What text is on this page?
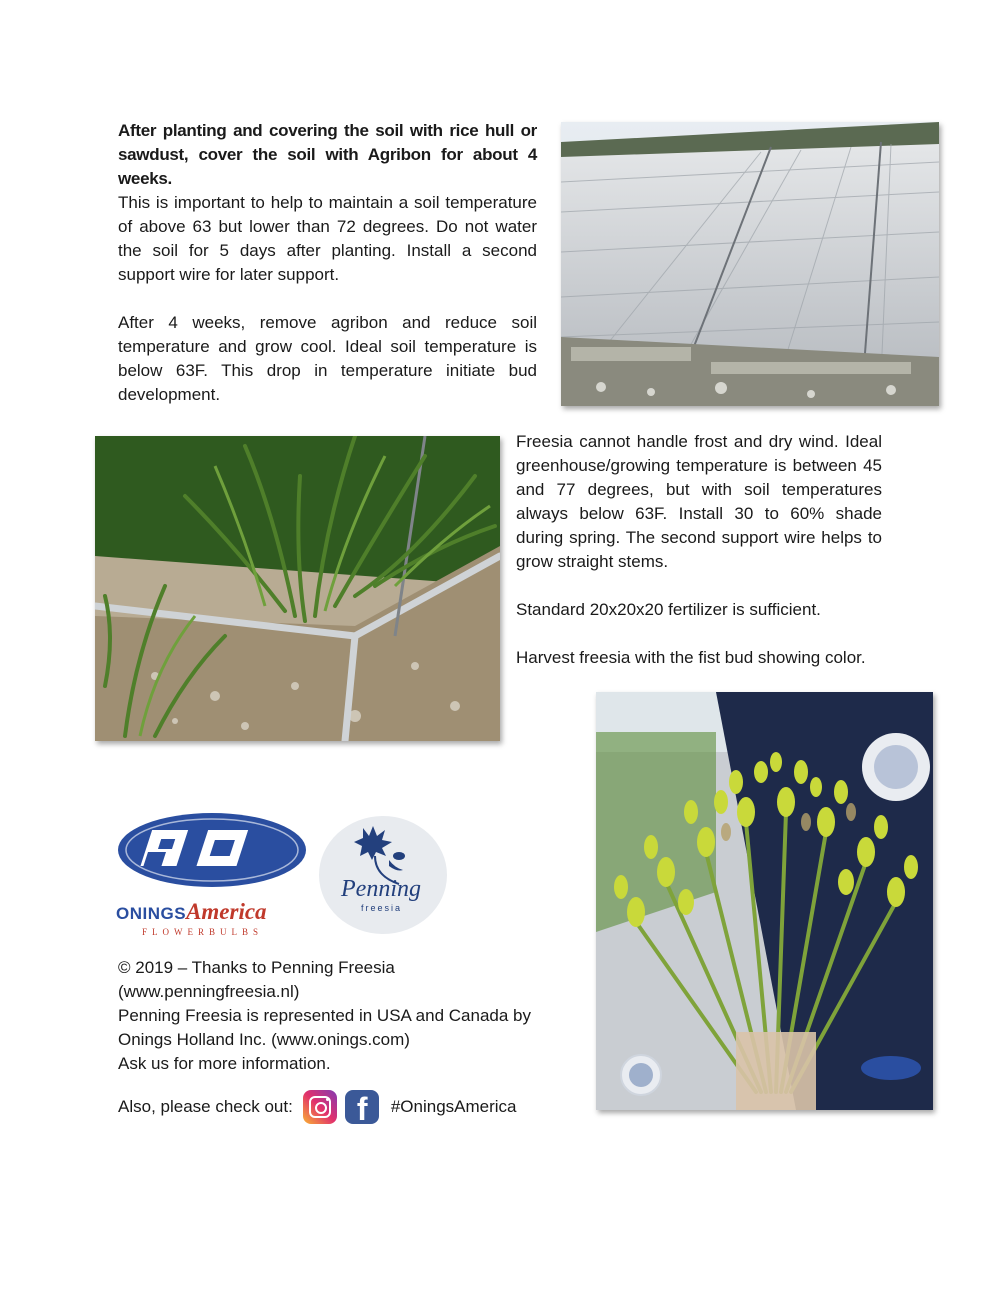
After planting and covering the soil with rice hull or sawdust, cover the soil with Agribon for about 4 weeks.

This is important to help to maintain a soil temperature of above 63 but lower than 72 degrees. Do not water the soil for 5 days after planting. Install a second support wire for later support.

After 4 weeks, remove agribon and reduce soil temperature and grow cool. Ideal soil temperature is below 63F. This drop in temperature initiate bud development.

Freesia cannot handle frost and dry wind. Ideal greenhouse/growing temperature is between 45 and 77 degrees, but with soil temperatures always below 63F. Install 30 to 60% shade during spring. The second support wire helps to grow straight stems.

Standard 20x20x20 fertilizer is sufficient.

Harvest freesia with the fist bud showing color.

ONINGS America
FLOWERBULBS
Penning
freesia

© 2019 – Thanks to Penning Freesia

(www.penningfreesia.nl)

Penning Freesia is represented in USA and Canada by

Onings Holland Inc. (www.onings.com)

Ask us for more information.

Also, please check out: f #OningsAmerica
